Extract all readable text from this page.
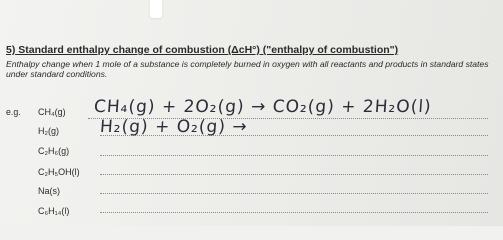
5) Standard enthalpy change of combustion (ΔcH°) ("enthalpy of combustion")
Enthalpy change when 1 mole of a substance is completely burned in oxygen with all reactants and products in standard states under standard conditions.
e.g. CH₄(g)
H₂(g)
C₂H₆(g)
C₂H₅OH(l)
Na(s)
C₆H₁₄(l)
CH₄(g) + 2O₂(g) → CO₂(g) + 2H₂O(l)
H₂(g) + O₂(g) →
